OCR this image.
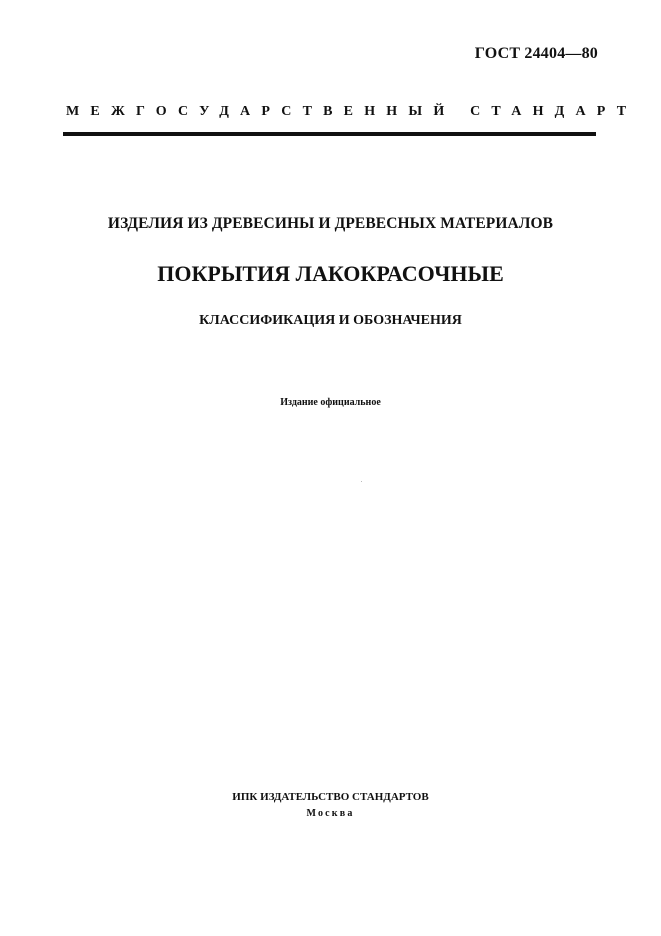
ГОСТ 24404—80
МЕЖГОСУДАРСТВЕННЫЙ СТАНДАРТ
ИЗДЕЛИЯ ИЗ ДРЕВЕСИНЫ И ДРЕВЕСНЫХ МАТЕРИАЛОВ
ПОКРЫТИЯ ЛАКОКРАСОЧНЫЕ
КЛАССИФИКАЦИЯ И ОБОЗНАЧЕНИЯ
Издание официальное
ИПК ИЗДАТЕЛЬСТВО СТАНДАРТОВ
Москва
